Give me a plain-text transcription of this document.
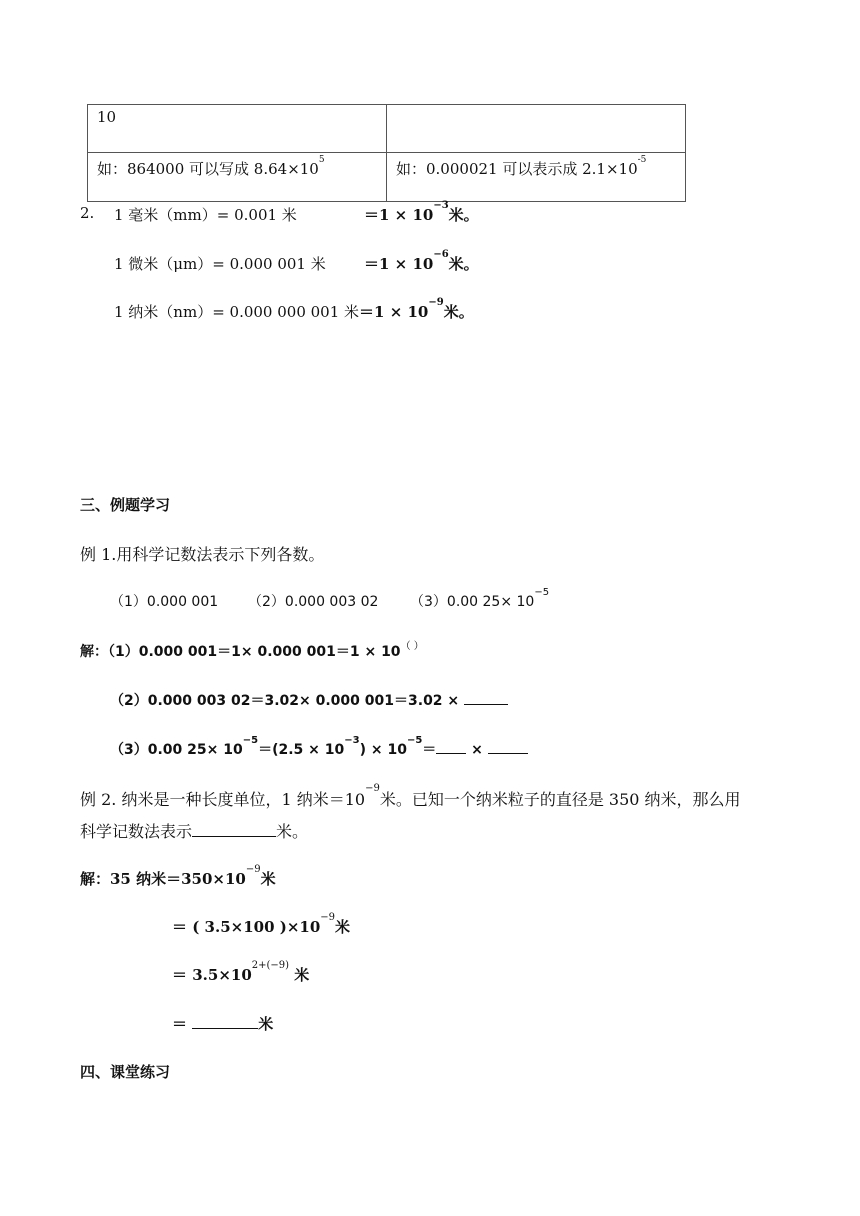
10	
如：864000 可以写成 $8.64\times 10^5$	如：0.000021 可以表示成 $2.1\times 10^{-5}$
2. 1 毫米（mm）= 0.001 米	$=1 \times 10^{-3}$米。
1 微米（μm）= 0.000 001 米	$=1 \times 10^{-6}$米。
1 纳米（nm）= 0.000 000 001 米$=1 \times 10^{-9}$米。
三、例题学习
例 1.用科学记数法表示下列各数。
（1）0.000 001 （2）0.000 003 02 （3）0.00 $25\times 10^{-5}$
解：（1）0.000 001＝1× 0.000 001＝1 × 10（ ）
（2）0.000 003 02＝3.02× 0.000 001＝3.02 ×
（3）0.00 $25\times 10^{-5}=(2.5 \times 10^{-3}) \times 10^{-5}=$ ×
例 2. 纳米是一种长度单位，1 纳米$=10^{-9}$米。已知一个纳米粒子的直径是 350 纳米，那么用
科学记数法表示	米。
解：35 纳米$=350\times 10^{-9}$米
＝ ( 3.5×100 )$\times 10^{-9}$米
＝ $3.5\times 10^{2+(-9)}$ 米
＝	米
四、课堂练习
